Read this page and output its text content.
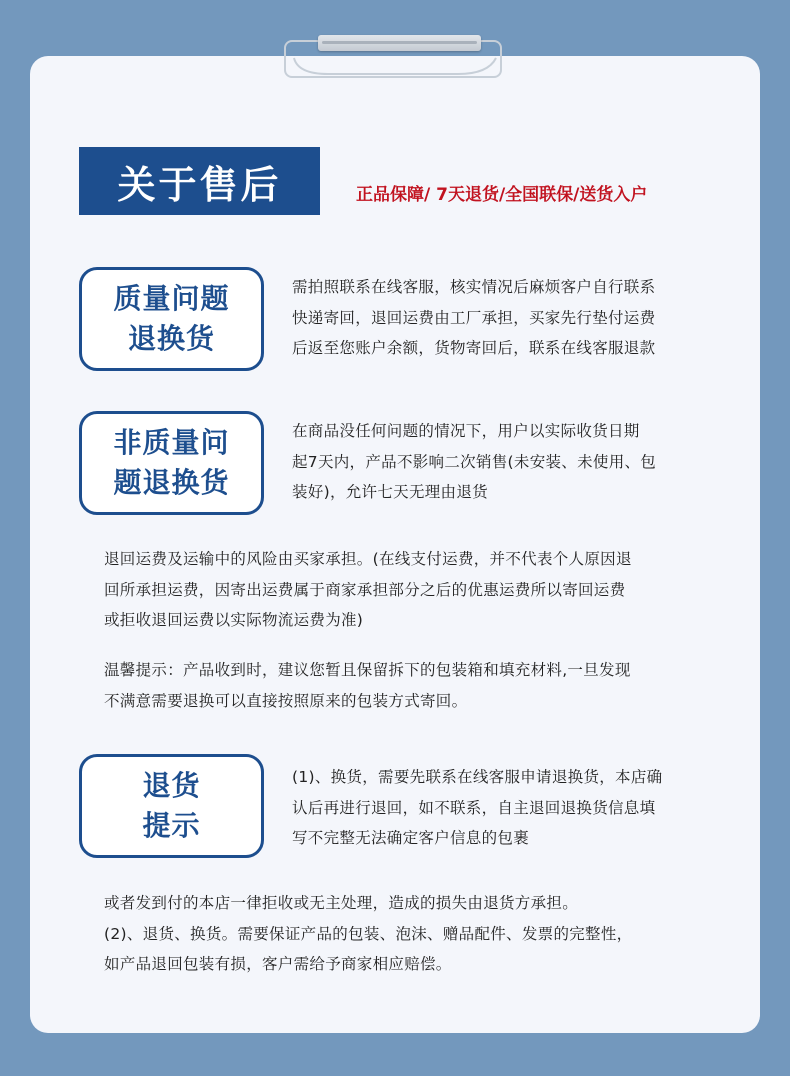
关于售后	正品保障/ 7天退货/全国联保/送货入户
质量问题
退换货

需拍照联系在线客服，核实情况后麻烦客户自行联系
快递寄回，退回运费由工厂承担，买家先行垫付运费
后返至您账户余额，货物寄回后，联系在线客服退款

非质量问
题退换货

在商品没任何问题的情况下，用户以实际收货日期
起7天内，产品不影响二次销售(未安装、未使用、包
装好)，允许七天无理由退货

退回运费及运输中的风险由买家承担。(在线支付运费，并不代表个人原因退
回所承担运费，因寄出运费属于商家承担部分之后的优惠运费所以寄回运费
或拒收退回运费以实际物流运费为准)

温馨提示：产品收到时，建议您暂且保留拆下的包装箱和填充材料,一旦发现
不满意需要退换可以直接按照原来的包装方式寄回。

退货
提示

(1)、换货，需要先联系在线客服申请退换货，本店确
认后再进行退回，如不联系，自主退回退换货信息填
写不完整无法确定客户信息的包裹

或者发到付的本店一律拒收或无主处理，造成的损失由退货方承担。
(2)、退货、换货。需要保证产品的包装、泡沫、赠品配件、发票的完整性，
如产品退回包装有损，客户需给予商家相应赔偿。
